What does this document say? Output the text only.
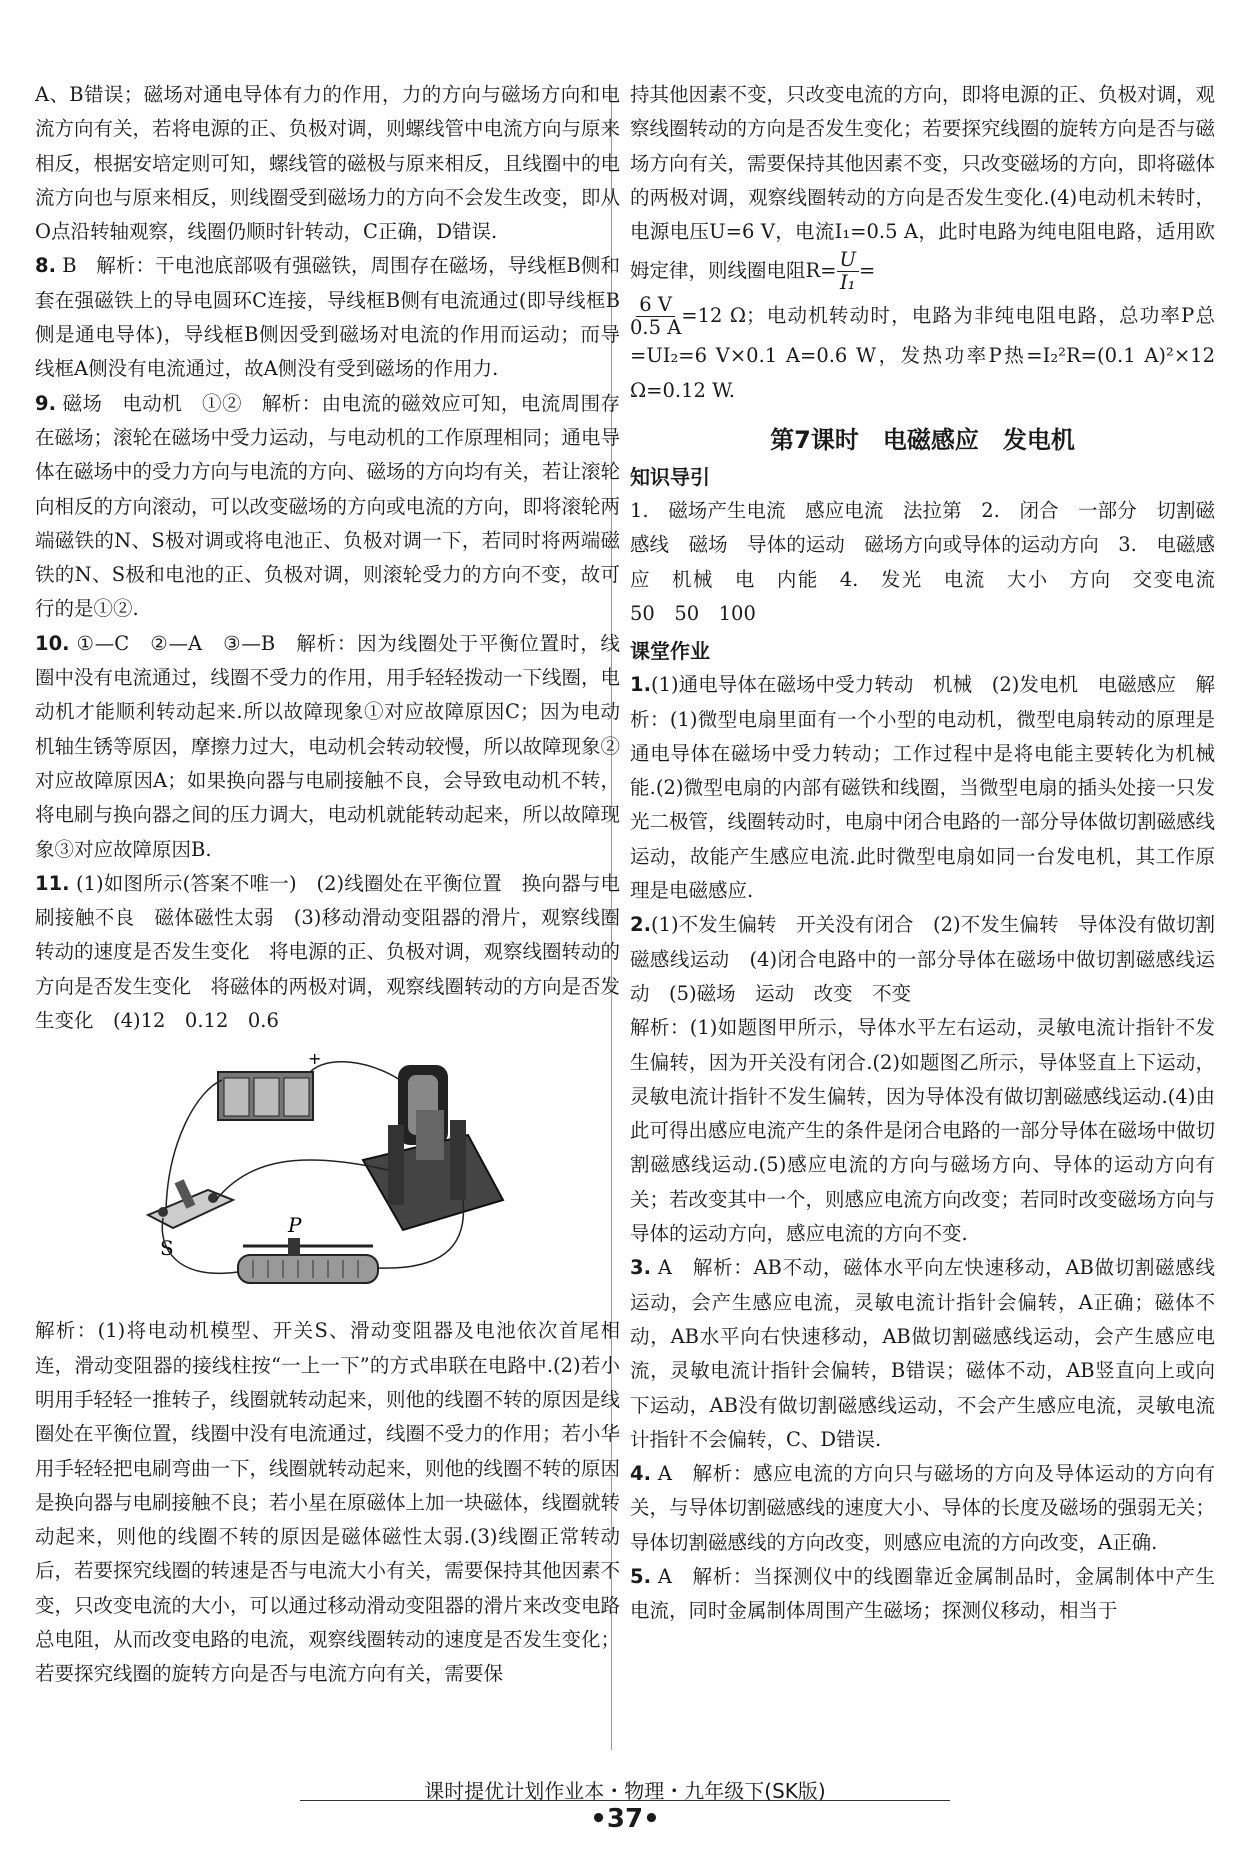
A、B错误；磁场对通电导体有力的作用，力的方向与磁场方向和电流方向有关，若将电源的正、负极对调，则螺线管中电流方向与原来相反，根据安培定则可知，螺线管的磁极与原来相反，且线圈中的电流方向也与原来相反，则线圈受到磁场力的方向不会发生改变，即从O点沿转轴观察，线圈仍顺时针转动，C正确，D错误.

8. B　解析：干电池底部吸有强磁铁，周围存在磁场，导线框B侧和套在强磁铁上的导电圆环C连接，导线框B侧有电流通过(即导线框B侧是通电导体)，导线框B侧因受到磁场对电流的作用而运动；而导线框A侧没有电流通过，故A侧没有受到磁场的作用力.

9. 磁场　电动机　①②　解析：由电流的磁效应可知，电流周围存在磁场；滚轮在磁场中受力运动，与电动机的工作原理相同；通电导体在磁场中的受力方向与电流的方向、磁场的方向均有关，若让滚轮向相反的方向滚动，可以改变磁场的方向或电流的方向，即将滚轮两端磁铁的N、S极对调或将电池正、负极对调一下，若同时将两端磁铁的N、S极和电池的正、负极对调，则滚轮受力的方向不变，故可行的是①②.

10. ①—C　②—A　③—B　解析：因为线圈处于平衡位置时，线圈中没有电流通过，线圈不受力的作用，用手轻轻拨动一下线圈，电动机才能顺利转动起来.所以故障现象①对应故障原因C；因为电动机轴生锈等原因，摩擦力过大，电动机会转动较慢，所以故障现象②对应故障原因A；如果换向器与电刷接触不良，会导致电动机不转，将电刷与换向器之间的压力调大，电动机就能转动起来，所以故障现象③对应故障原因B.

11. (1)如图所示(答案不唯一)　(2)线圈处在平衡位置　换向器与电刷接触不良　磁体磁性太弱　(3)移动滑动变阻器的滑片，观察线圈转动的速度是否发生变化　将电源的正、负极对调，观察线圈转动的方向是否发生变化　将磁体的两极对调，观察线圈转动的方向是否发生变化　(4)12　0.12　0.6

+
S
P

解析：(1)将电动机模型、开关S、滑动变阻器及电池依次首尾相连，滑动变阻器的接线柱按“一上一下”的方式串联在电路中.(2)若小明用手轻轻一推转子，线圈就转动起来，则他的线圈不转的原因是线圈处在平衡位置，线圈中没有电流通过，线圈不受力的作用；若小华用手轻轻把电刷弯曲一下，线圈就转动起来，则他的线圈不转的原因是换向器与电刷接触不良；若小星在原磁体上加一块磁体，线圈就转动起来，则他的线圈不转的原因是磁体磁性太弱.(3)线圈正常转动后，若要探究线圈的转速是否与电流大小有关，需要保持其他因素不变，只改变电流的大小，可以通过移动滑动变阻器的滑片来改变电路总电阻，从而改变电路的电流，观察线圈转动的速度是否发生变化；若要探究线圈的旋转方向是否与电流方向有关，需要保

持其他因素不变，只改变电流的方向，即将电源的正、负极对调，观察线圈转动的方向是否发生变化；若要探究线圈的旋转方向是否与磁场方向有关，需要保持其他因素不变，只改变磁场的方向，即将磁体的两极对调，观察线圈转动的方向是否发生变化.(4)电动机未转时，电源电压U=6 V，电流I₁=0.5 A，此时电路为纯电阻电路，适用欧姆定律，则线圈电阻$R= \frac{U}{\text{I₁}}$ =

$\frac{6 V}{0.5 A} =12$ Ω；电动机转动时，电路为非纯电阻电路，总功率P总=UI₂=6 V×0.1 A=0.6 W，发热功率P热=I₂²R=(0.1 A)²×12 Ω=0.12 W.

第7课时　电磁感应　发电机
知识导引

1.　磁场产生电流　感应电流　法拉第　2.　闭合　一部分　切割磁感线　磁场　导体的运动　磁场方向或导体的运动方向　3.　电磁感应　机械　电　内能　4.　发光　电流　大小　方向　交变电流　50　50　100

课堂作业

1.(1)通电导体在磁场中受力转动　机械　(2)发电机　电磁感应　解析：(1)微型电扇里面有一个小型的电动机，微型电扇转动的原理是通电导体在磁场中受力转动；工作过程中是将电能主要转化为机械能.(2)微型电扇的内部有磁铁和线圈，当微型电扇的插头处接一只发光二极管，线圈转动时，电扇中闭合电路的一部分导体做切割磁感线运动，故能产生感应电流.此时微型电扇如同一台发电机，其工作原理是电磁感应.

2.(1)不发生偏转　开关没有闭合　(2)不发生偏转　导体没有做切割磁感线运动　(4)闭合电路中的一部分导体在磁场中做切割磁感线运动　(5)磁场　运动　改变　不变

解析：(1)如题图甲所示，导体水平左右运动，灵敏电流计指针不发生偏转，因为开关没有闭合.(2)如题图乙所示，导体竖直上下运动，灵敏电流计指针不发生偏转，因为导体没有做切割磁感线运动.(4)由此可得出感应电流产生的条件是闭合电路的一部分导体在磁场中做切割磁感线运动.(5)感应电流的方向与磁场方向、导体的运动方向有关；若改变其中一个，则感应电流方向改变；若同时改变磁场方向与导体的运动方向，感应电流的方向不变.

3. A　解析：AB不动，磁体水平向左快速移动，AB做切割磁感线运动，会产生感应电流，灵敏电流计指针会偏转，A正确；磁体不动，AB水平向右快速移动，AB做切割磁感线运动，会产生感应电流，灵敏电流计指针会偏转，B错误；磁体不动，AB竖直向上或向下运动，AB没有做切割磁感线运动，不会产生感应电流，灵敏电流计指针不会偏转，C、D错误.

4. A　解析：感应电流的方向只与磁场的方向及导体运动的方向有关，与导体切割磁感线的速度大小、导体的长度及磁场的强弱无关；导体切割磁感线的方向改变，则感应电流的方向改变，A正确.

5. A　解析：当探测仪中的线圈靠近金属制品时，金属制体中产生电流，同时金属制体周围产生磁场；探测仪移动，相当于

课时提优计划作业本・物理・九年级下(SK版)
•37•
